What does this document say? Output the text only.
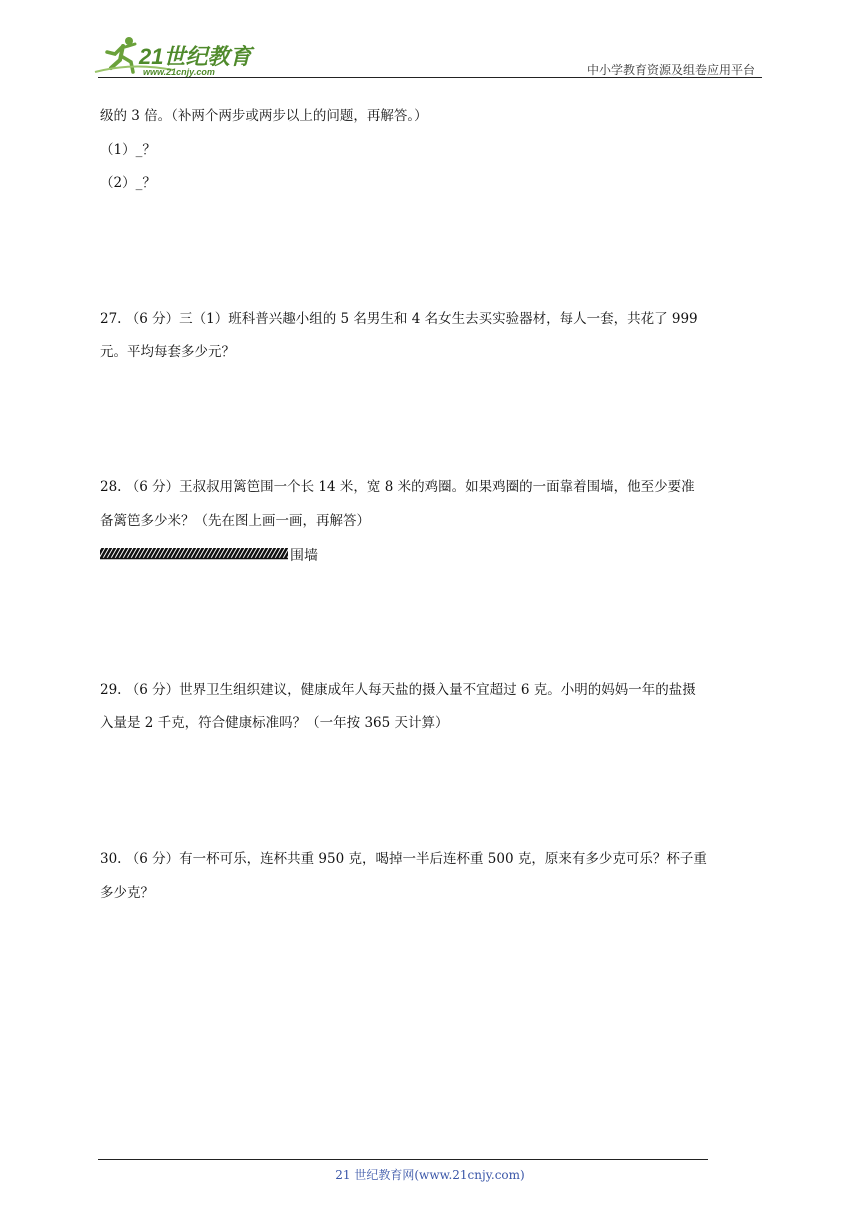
21世纪教育
www.21cnjy.com	中小学教育资源及组卷应用平台
级的 3 倍。（补两个两步或两步以上的问题，再解答。）
（1）_？
（2）_？
27. （6 分）三（1）班科普兴趣小组的 5 名男生和 4 名女生去买实验器材，每人一套，共花了 999
元。平均每套多少元？
28. （6 分）王叔叔用篱笆围一个长 14 米，宽 8 米的鸡圈。如果鸡圈的一面靠着围墙，他至少要准
备篱笆多少米？（先在图上画一画，再解答）
围墙
29. （6 分）世界卫生组织建议，健康成年人每天盐的摄入量不宜超过 6 克。小明的妈妈一年的盐摄
入量是 2 千克，符合健康标准吗？（一年按 365 天计算）
30. （6 分）有一杯可乐，连杯共重 950 克，喝掉一半后连杯重 500 克，原来有多少克可乐？杯子重
多少克？
21 世纪教育网(www.21cnjy.com)
